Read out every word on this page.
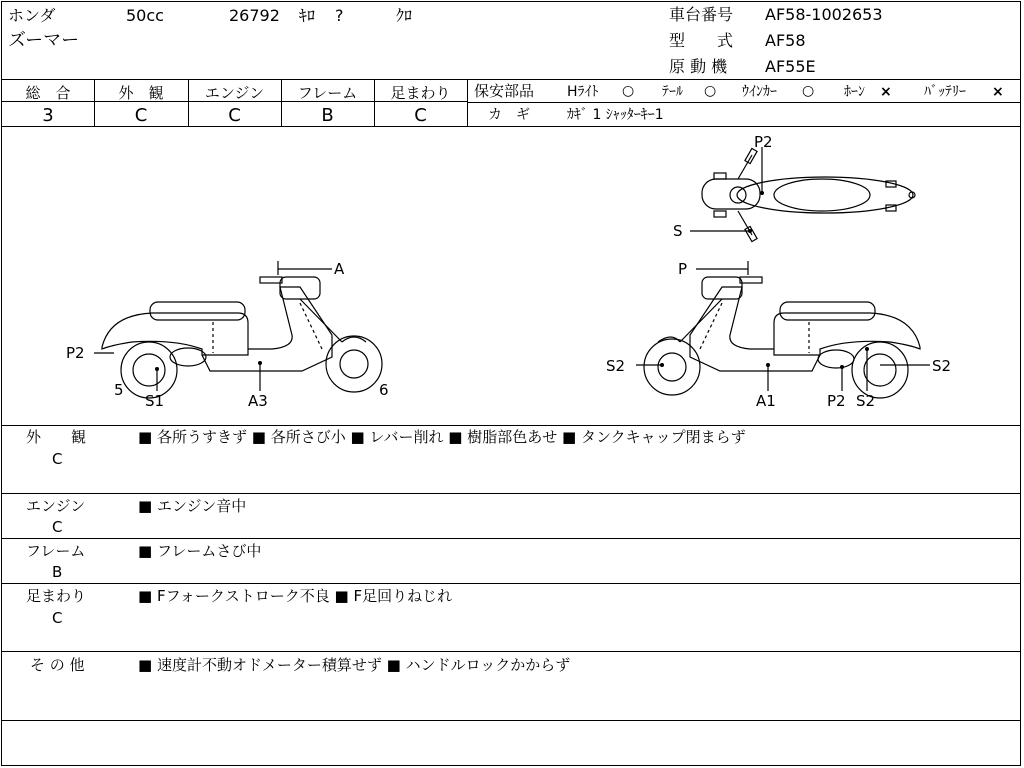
ホンダ	50cc	26792 ｷﾛ ?	ｸﾛ
ズーマー
車台番号 AF58-1002653
型　　式 AF58
原 動 機 AF55E
総　合
3
外　観
C
エンジン
C
フレーム
B
足まわり
C
保安部品 Hﾗｲﾄ ○ ﾃｰﾙ ○ ｳｲﾝｶｰ ○ ﾎｰﾝ × ﾊﾞｯﾃﾘｰ ×
カ　ギ	ｶｷﾞ 1 ｼｬｯﾀｰｷｰ1
P2
S
A
P2
5
S1	A3
6
P
S2
A1	P2 S2
S2
外　　観
C
■ 各所うすきず ■ 各所さび小 ■ レバー削れ ■ 樹脂部色あせ ■ タンクキャップ閉まらず
エンジン
C
■ エンジン音中
フレーム
B
■ フレームさび中
足まわり
C
■ Fフォークストローク不良 ■ F足回りねじれ
そ の 他	■ 速度計不動オドメーター積算せず ■ ハンドルロックかからず
